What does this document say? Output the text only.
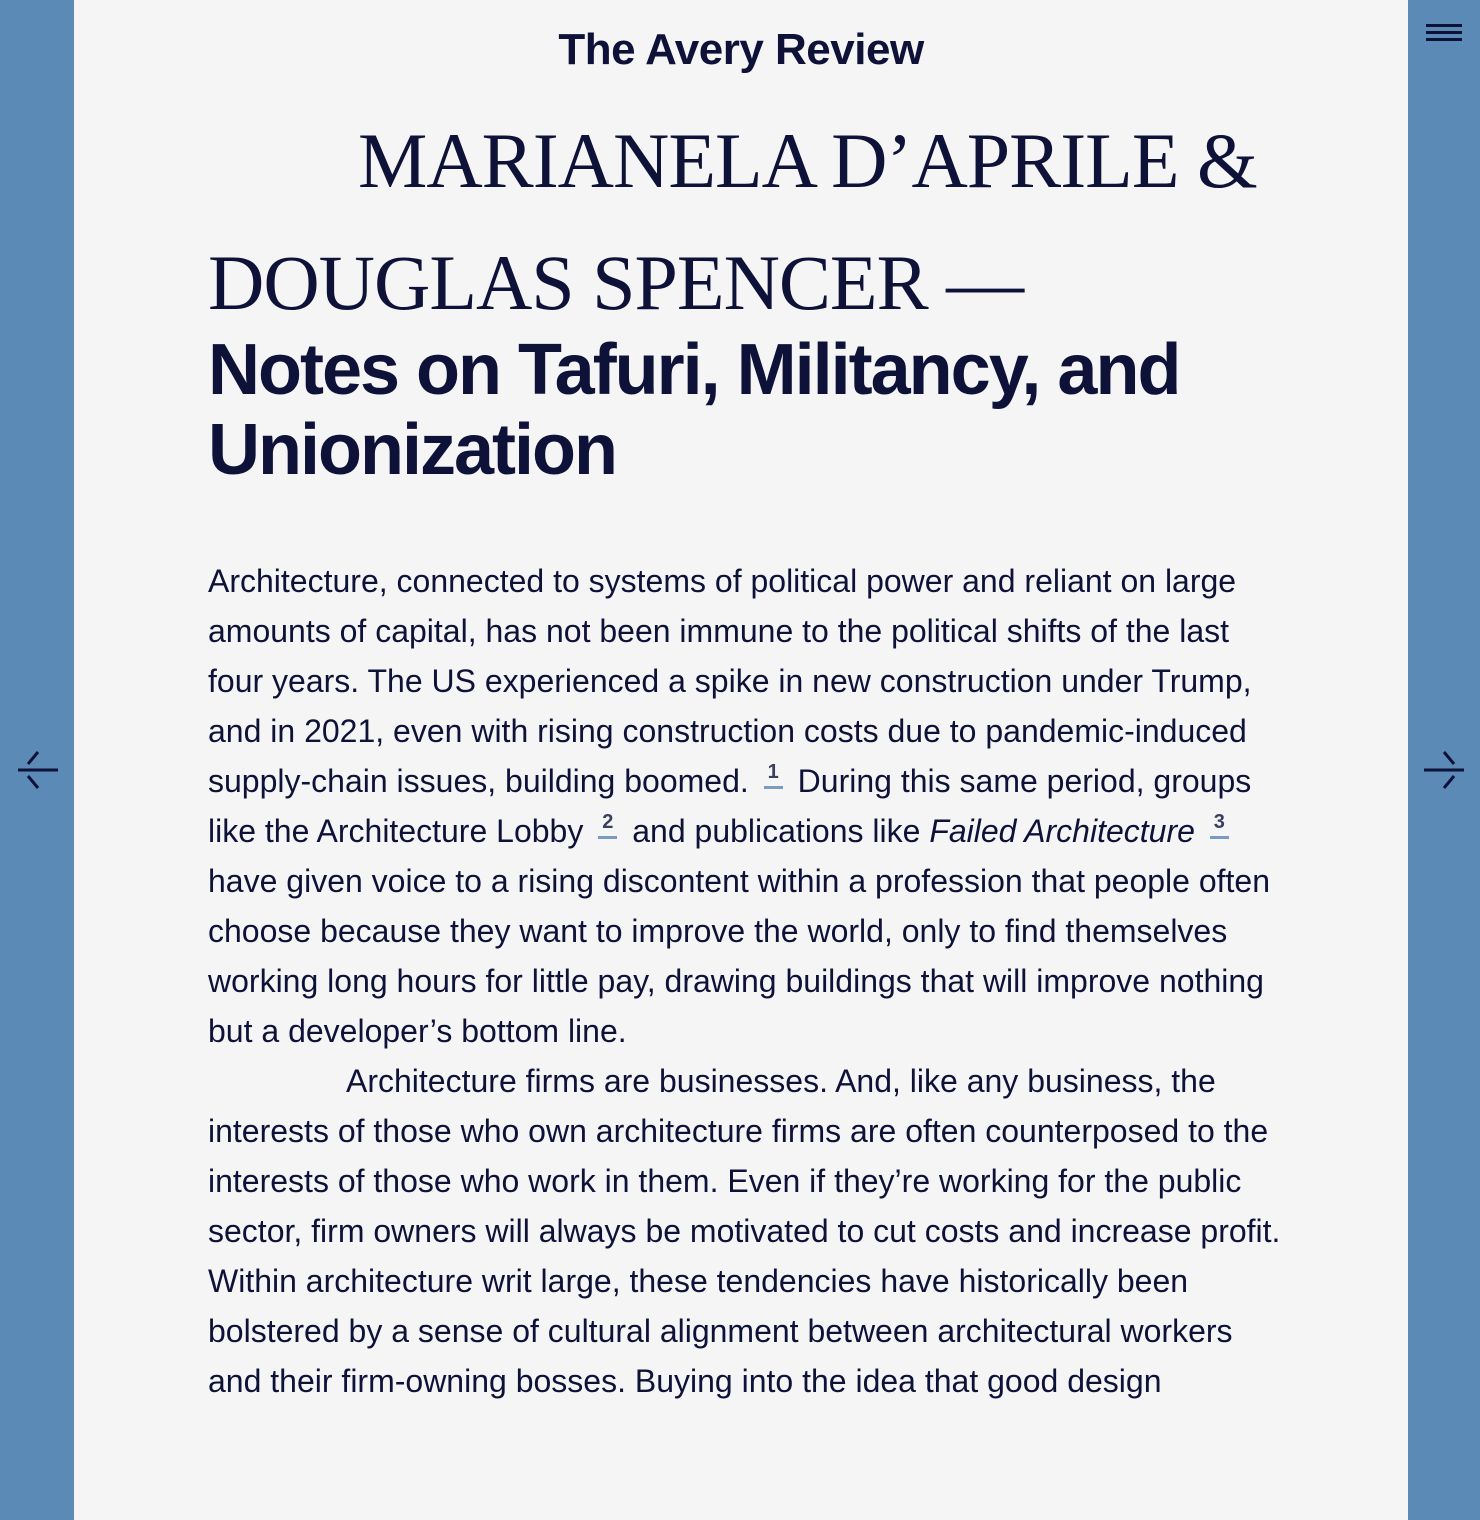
The Avery Review
MARIANELA D’APRILE & DOUGLAS SPENCER —
Notes on Tafuri, Militancy, and Unionization

Architecture, connected to systems of political power and reliant on large amounts of capital, has not been immune to the political shifts of the last four years. The US experienced a spike in new construction under Trump, and in 2021, even with rising construction costs due to pandemic-induced supply-chain issues, building boomed. 1 During this same period, groups like the Architecture Lobby 2 and publications like Failed Architecture 3 have given voice to a rising discontent within a profession that people often choose because they want to improve the world, only to find themselves working long hours for little pay, drawing buildings that will improve nothing but a developer’s bottom line.

Architecture firms are businesses. And, like any business, the interests of those who own architecture firms are often counterposed to the interests of those who work in them. Even if they’re working for the public sector, firm owners will always be motivated to cut costs and increase profit. Within architecture writ large, these tendencies have historically been bolstered by a sense of cultural alignment between architectural workers and their firm-owning bosses. Buying into the idea that good design
